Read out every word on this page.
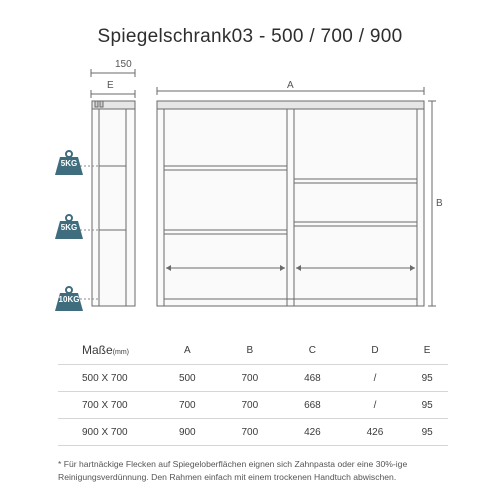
Spiegelschrank03 - 500 / 700 / 900
150
E	A
B
5KG
5KG
10KG
Maße(mm)	A	B	C	D	E
500 X 700	500	700	468	/	95
700 X 700	700	700	668	/	95
900 X 700	900	700	426	426	95
* Für hartnäckige Flecken auf Spiegeloberflächen eignen sich Zahnpasta oder eine 30%-ige Reinigungsverdünnung. Den Rahmen einfach mit einem trockenen Handtuch abwischen.
